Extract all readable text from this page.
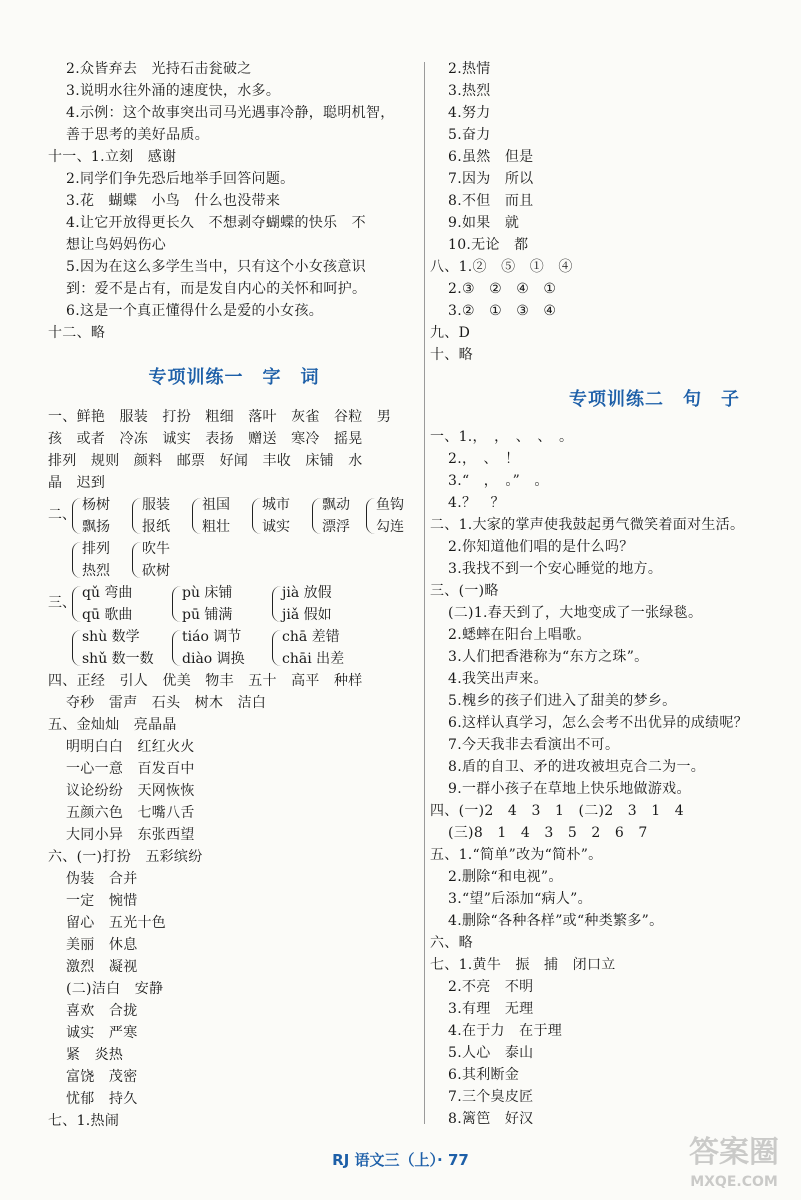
2.众皆弃去　光持石击瓮破之
3.说明水往外涌的速度快，水多。
4.示例：这个故事突出司马光遇事冷静，聪明机智，
善于思考的美好品质。
十一、1.立刻　感谢
2.同学们争先恐后地举手回答问题。
3.花　蝴蝶　小鸟　什么也没带来
4.让它开放得更长久　不想剥夺蝴蝶的快乐　不
想让鸟妈妈伤心
5.因为在这么多学生当中，只有这个小女孩意识
到：爱不是占有，而是发自内心的关怀和呵护。
6.这是一个真正懂得什么是爱的小女孩。
十二、略
专项训练一　字　词
一、鲜艳　服装　打扮　粗细　落叶　灰雀　谷粒　男
孩　或者　冷冻　诚实　表扬　赠送　寒冷　摇晃
排列　规则　颜料　邮票　好闻　丰收　床铺　水
晶　迟到
二、
杨树
飘扬
服装
报纸
祖国
粗壮
城市
诚实
飘动
漂浮
鱼钩
勾连
排列
热烈
吹牛
砍树
三、
qǔ 弯曲
qū 歌曲
pù 床铺
pū 铺满
jià 放假
jiǎ 假如
shù 数学
shǔ 数一数
tiáo 调节
diào 调换
chā 差错
chāi 出差
四、正经　引人　优美　物丰　五十　高平　种样
夺秒　雷声　石头　树木　洁白
五、金灿灿　亮晶晶
明明白白　红红火火
一心一意　百发百中
议论纷纷　天网恢恢
五颜六色　七嘴八舌
大同小异　东张西望
六、(一)打扮　五彩缤纷
伪装　合并
一定　惋惜
留心　五光十色
美丽　休息
激烈　凝视
(二)洁白　安静
喜欢　合拢
诚实　严寒
紧　炎热
富饶　茂密
忧郁　持久
七、1.热闹
2.热情
3.热烈
4.努力
5.奋力
6.虽然　但是
7.因为　所以
8.不但　而且
9.如果　就
10.无论　都
八、1.②　⑤　①　④
2.③　②　④　①
3.②　①　③　④
九、D
十、略
专项训练二　句　子
一、1.，　，　、　、　。
2.，　、　！
3.“　，　。”　。
4.？　？
二、1.大家的掌声使我鼓起勇气微笑着面对生活。
2.你知道他们唱的是什么吗？
3.我找不到一个安心睡觉的地方。
三、(一)略
(二)1.春天到了，大地变成了一张绿毯。
2.蟋蟀在阳台上唱歌。
3.人们把香港称为“东方之珠”。
4.我笑出声来。
5.槐乡的孩子们进入了甜美的梦乡。
6.这样认真学习，怎么会考不出优异的成绩呢？
7.今天我非去看演出不可。
8.盾的自卫、矛的进攻被坦克合二为一。
9.一群小孩子在草地上快乐地做游戏。
四、(一)2　4　3　1　(二)2　3　1　4
(三)8　1　4　3　5　2　6　7
五、1.“简单”改为“简朴”。
2.删除“和电视”。
3.“望”后添加“病人”。
4.删除“各种各样”或“种类繁多”。
六、略
七、1.黄牛　振　捕　闭口立
2.不亮　不明
3.有理　无理
4.在于力　在于理
5.人心　泰山
6.其利断金
7.三个臭皮匠
8.篱笆　好汉
RJ 语文三（上）· 77	答案圈
MXQE.COM
